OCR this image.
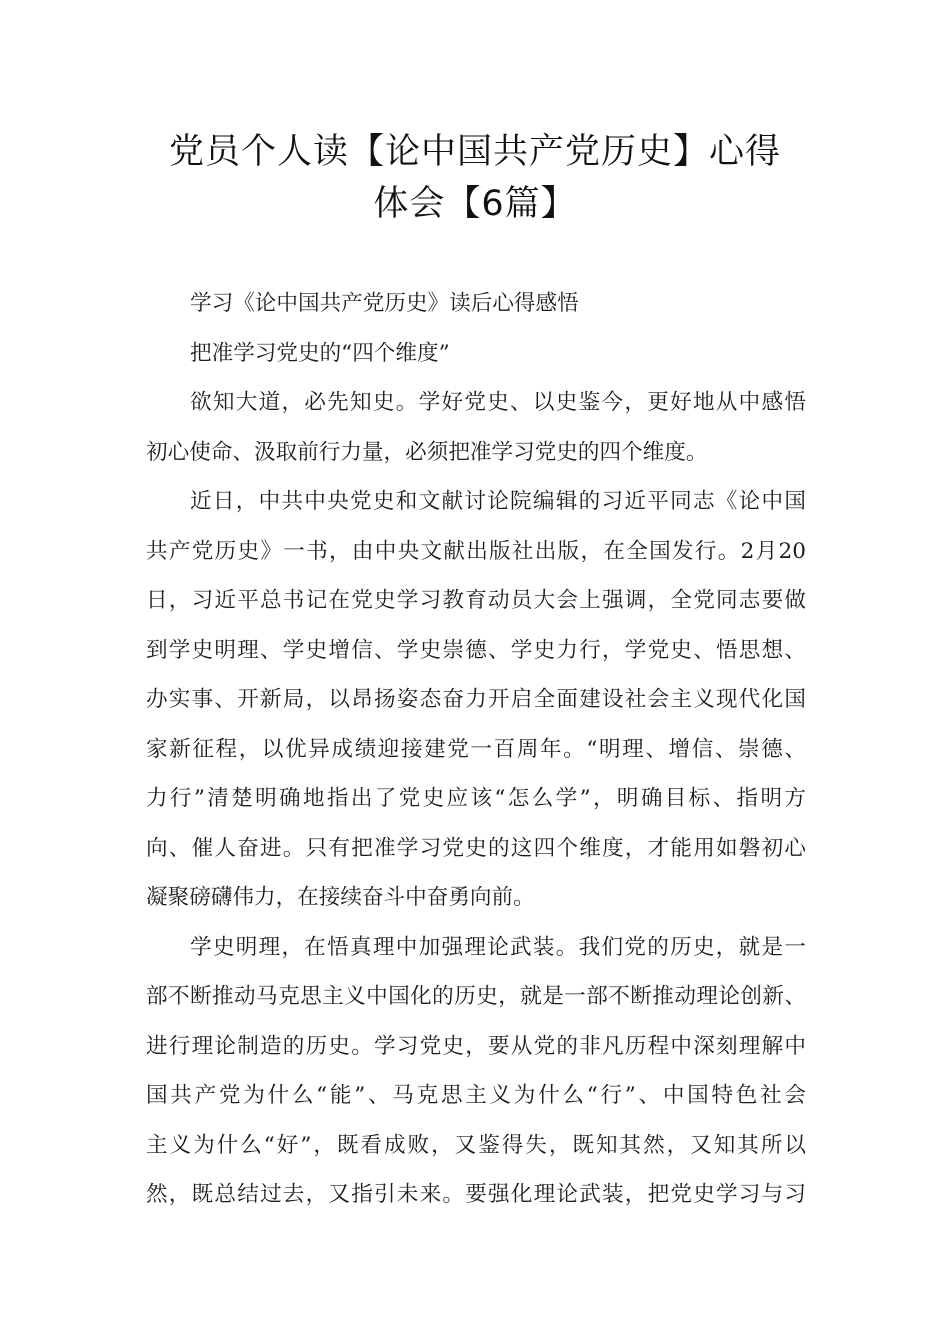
党员个人读【论中国共产党历史】心得
体会【6篇】
学习《论中国共产党历史》读后心得感悟
把准学习党史的“四个维度”
欲知大道，必先知史。学好党史、以史鉴今，更好地从中感悟
初心使命、汲取前行力量，必须把准学习党史的四个维度。
近日，中共中央党史和文献讨论院编辑的习近平同志《论中国
共产党历史》一书，由中央文献出版社出版，在全国发行。2月20
日，习近平总书记在党史学习教育动员大会上强调，全党同志要做
到学史明理、学史增信、学史崇德、学史力行，学党史、悟思想、
办实事、开新局，以昂扬姿态奋力开启全面建设社会主义现代化国
家新征程，以优异成绩迎接建党一百周年。“明理、增信、崇德、
力行”清楚明确地指出了党史应该“怎么学”，明确目标、指明方
向、催人奋进。只有把准学习党史的这四个维度，才能用如磐初心
凝聚磅礴伟力，在接续奋斗中奋勇向前。
学史明理，在悟真理中加强理论武装。我们党的历史，就是一
部不断推动马克思主义中国化的历史，就是一部不断推动理论创新、
进行理论制造的历史。学习党史，要从党的非凡历程中深刻理解中
国共产党为什么“能”、马克思主义为什么“行”、中国特色社会
主义为什么“好”，既看成败，又鉴得失，既知其然，又知其所以
然，既总结过去，又指引未来。要强化理论武装，把党史学习与习
